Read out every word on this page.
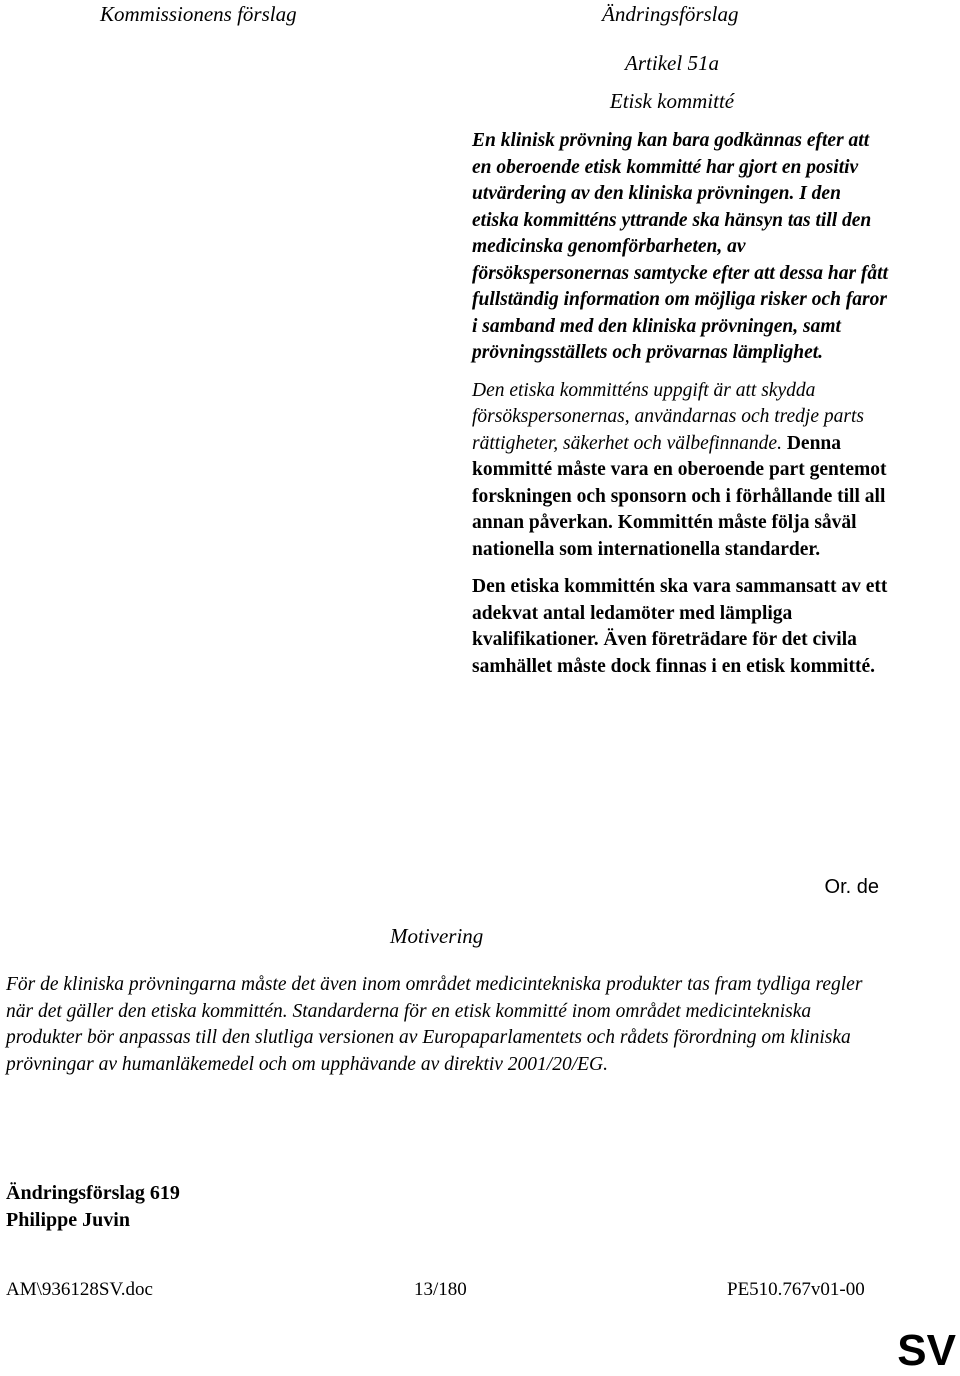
Kommissionens förslag	Ändringsförslag
Artikel 51a
Etisk kommitté

En klinisk prövning kan bara godkännas efter att en oberoende etisk kommitté har gjort en positiv utvärdering av den kliniska prövningen. I den etiska kommitténs yttrande ska hänsyn tas till den medicinska genomförbarheten, av försökspersonernas samtycke efter att dessa har fått fullständig information om möjliga risker och faror i samband med den kliniska prövningen, samt prövningsställets och prövarnas lämplighet.

Den etiska kommitténs uppgift är att skydda försökspersonernas, användarnas och tredje parts rättigheter, säkerhet och välbefinnande. Denna kommitté måste vara en oberoende part gentemot forskningen och sponsorn och i förhållande till all annan påverkan. Kommittén måste följa såväl nationella som internationella standarder.

Den etiska kommittén ska vara sammansatt av ett adekvat antal ledamöter med lämpliga kvalifikationer. Även företrädare för det civila samhället måste dock finnas i en etisk kommitté.

Or. de
Motivering
För de kliniska prövningarna måste det även inom området medicintekniska produkter tas fram tydliga regler när det gäller den etiska kommittén. Standarderna för en etisk kommitté inom området medicintekniska produkter bör anpassas till den slutliga versionen av Europaparlamentets och rådets förordning om kliniska prövningar av humanläkemedel och om upphävande av direktiv 2001/20/EG.
Ändringsförslag 619
Philippe Juvin
AM\936128SV.doc	13/180	PE510.767v01-00
SV
